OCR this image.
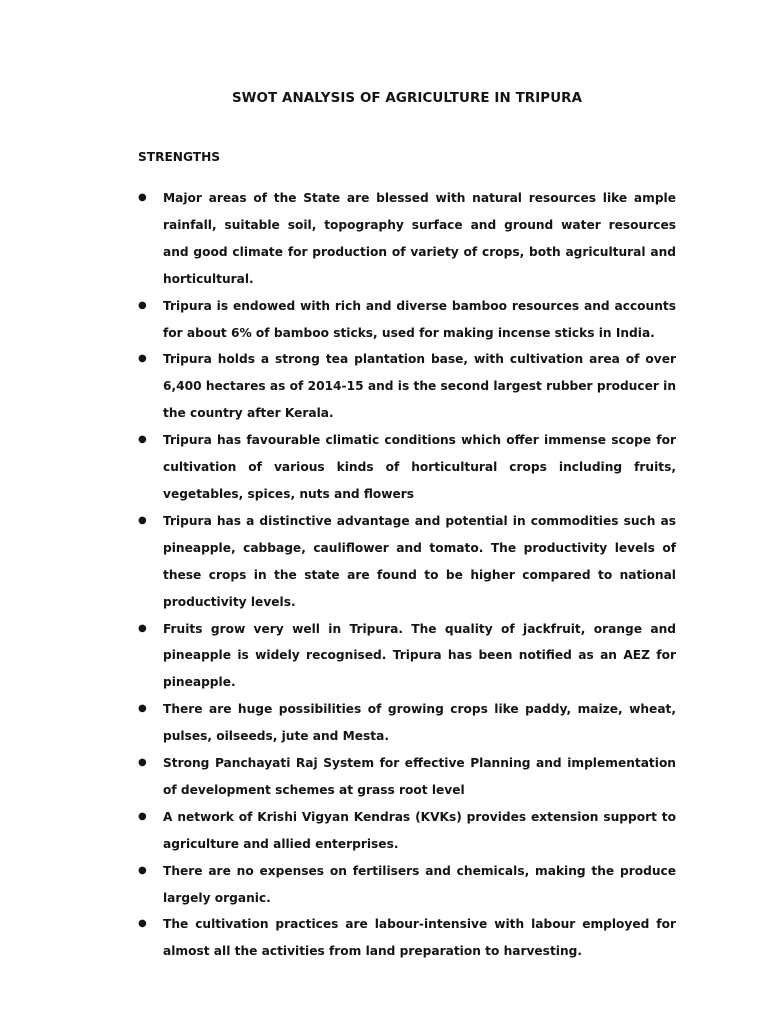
SWOT ANALYSIS OF AGRICULTURE IN TRIPURA
STRENGTHS
● Major areas of the State are blessed with natural resources like ample rainfall, suitable soil, topography surface and ground water resources and good climate for production of variety of crops, both agricultural and horticultural.
● Tripura is endowed with rich and diverse bamboo resources and accounts for about 6% of bamboo sticks, used for making incense sticks in India.
● Tripura holds a strong tea plantation base, with cultivation area of over 6,400 hectares as of 2014-15 and is the second largest rubber producer in the country after Kerala.
● Tripura has favourable climatic conditions which offer immense scope for cultivation of various kinds of horticultural crops including fruits, vegetables, spices, nuts and flowers
● Tripura has a distinctive advantage and potential in commodities such as pineapple, cabbage, cauliflower and tomato. The productivity levels of these crops in the state are found to be higher compared to national productivity levels.
● Fruits grow very well in Tripura. The quality of jackfruit, orange and pineapple is widely recognised. Tripura has been notified as an AEZ for pineapple.
● There are huge possibilities of growing crops like paddy, maize, wheat, pulses, oilseeds, jute and Mesta.
● Strong Panchayati Raj System for effective Planning and implementation of development schemes at grass root level
● A network of Krishi Vigyan Kendras (KVKs) provides extension support to agriculture and allied enterprises.
● There are no expenses on fertilisers and chemicals, making the produce largely organic.
● The cultivation practices are labour-intensive with labour employed for almost all the activities from land preparation to harvesting.
